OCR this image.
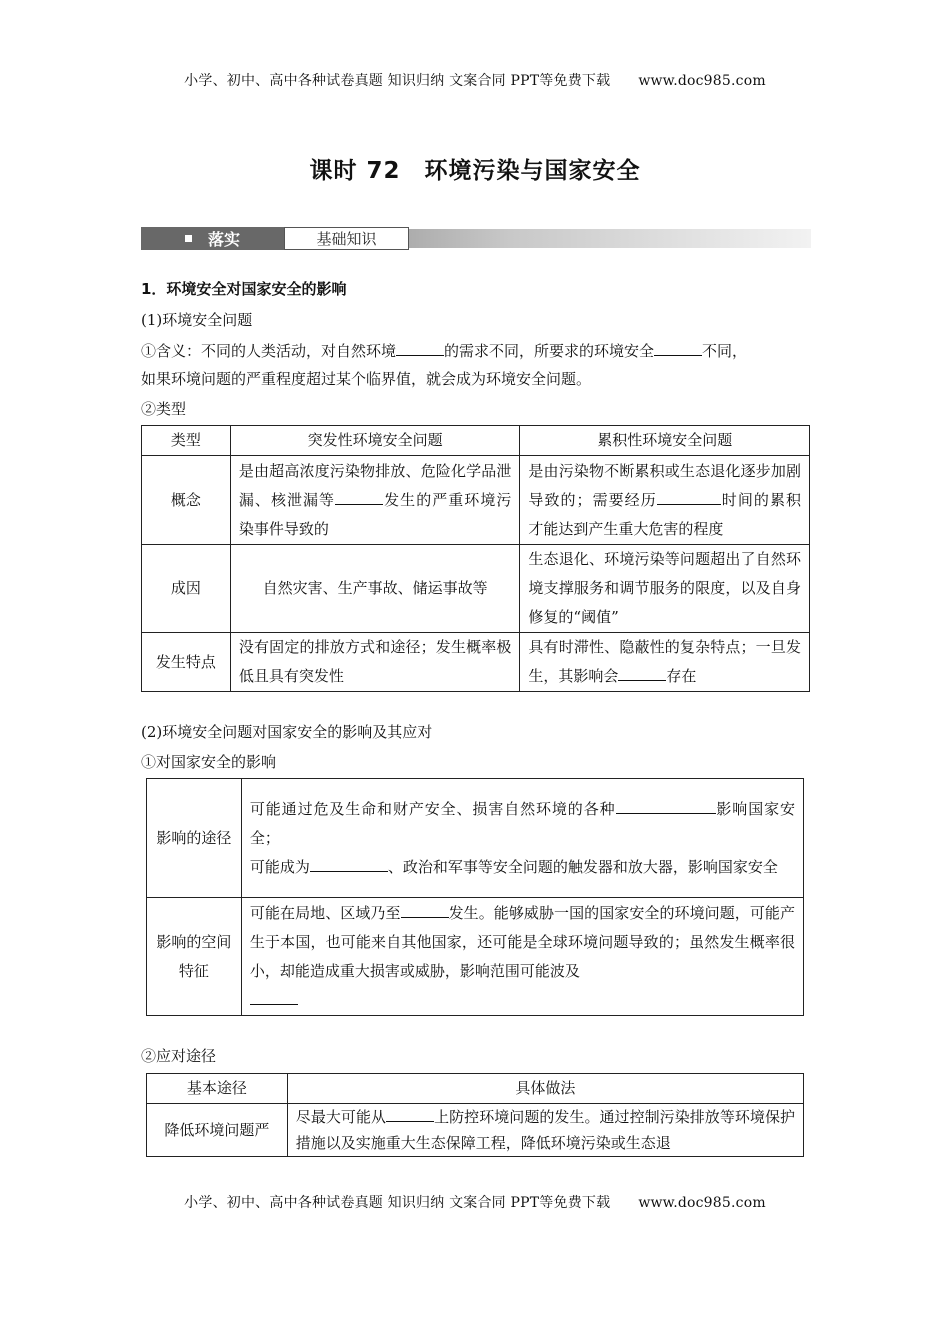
小学、初中、高中各种试卷真题 知识归纳 文案合同 PPT等免费下载 www.doc985.com
课时 72 环境污染与国家安全
落实	基础知识
1．环境安全对国家安全的影响
(1)环境安全问题
①含义：不同的人类活动，对自然环境	的需求不同，所要求的环境安全	不同，
如果环境问题的严重程度超过某个临界值，就会成为环境安全问题。
②类型
类型	突发性环境安全问题	累积性环境安全问题
概念	是由超高浓度污染物排放、危险化学品泄漏、核泄漏等 发生的严重环境污染事件导致的	是由污染物不断累积或生态退化逐步加剧导致的；需要经历 时间的累积才能达到产生重大危害的程度
成因	自然灾害、生产事故、储运事故等	生态退化、环境污染等问题超出了自然环境支撑服务和调节服务的限度，以及自身修复的“阈值”
发生特点	没有固定的排放方式和途径；发生概率极低且具有突发性	具有时滞性、隐蔽性的复杂特点；一旦发生，其影响会 存在
(2)环境安全问题对国家安全的影响及其应对
①对国家安全的影响
影响的途径	可能通过危及生命和财产安全、损害自然环境的各种 影响国家安全；
可能成为 、政治和军事等安全问题的触发器和放大器，影响国家安全
影响的空间特征	可能在局地、区域乃至 发生。能够威胁一国的国家安全的环境问题，可能产生于本国，也可能来自其他国家，还可能是全球环境问题导致的；虽然发生概率很小，却能造成重大损害或威胁，影响范围可能波及

②应对途径
基本途径	具体做法
降低环境问题严	尽最大可能从 上防控环境问题的发生。通过控制污染排放等环境保护措施以及实施重大生态保障工程，降低环境污染或生态退
小学、初中、高中各种试卷真题 知识归纳 文案合同 PPT等免费下载 www.doc985.com
